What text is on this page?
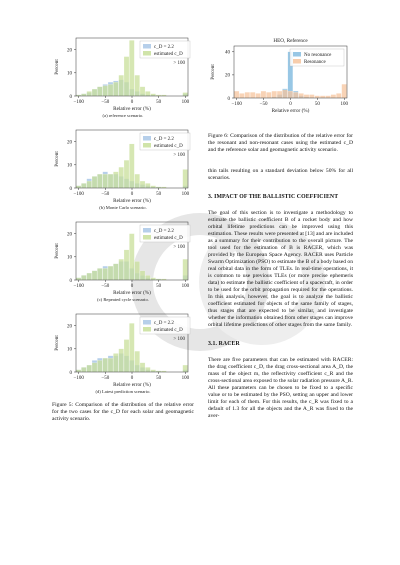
−100	−50	0	50	100
0
10
20
Relative error (%)
Percent	> 100
c_D = 2.2
estimated c_D
(a) reference scenario.
−100	−50	0	50	100
0
10
20
Relative error (%)
Percent	> 100
c_D = 2.2
estimated c_D
(b) Monte Carlo scenario.
−100	−50	0	50	100
0
10
20
Relative error (%)
Percent	> 100
c_D = 2.2
estimated c_D
(c) Repeated cycle scenario.
−100	−50	0	50	100
0
10
20
Relative error (%)
Percent	> 100
c_D = 2.2
estimated c_D
(d) Latest prediction scenario.
Figure 5: Comparison of the distribution of the relative error for the two cases for the c_D for each solar and geomagnetic activity scenario.
HEO, Reference
−100	−50	0	50	100
0
20
40
Relative error (%)
Percent
No resonance
Resonance
Figure 6: Comparison of the distribution of the relative error for the resonant and non-resonant cases using the estimated c_D and the reference solar and geomagnetic activity scenario.

thin tails resulting on a standard deviation below 50% for all scenarios.

3. IMPACT OF THE BALLISTIC COEFFICIENT

The goal of this section is to investigate a methodology to estimate the ballistic coefficient B of a rocket body and how orbital lifetime predictions can be improved using this estimation. These results were presented at [13] and are included as a summary for their contribution to the overall picture. The tool used for the estimation of B is RACER, which was provided by the European Space Agency. RACER uses Particle Swarm Optimization (PSO) to estimate the B of a body based on real orbital data in the form of TLEs. In real-time operations, it is common to use previous TLEs (or more precise ephemeris data) to estimate the ballistic coefficient of a spacecraft, in order to be used for the orbit propagation required for the operations. In this analysis, however, the goal is to analyze the ballistic coefficient estimated for objects of the same family of stages, thus stages that are expected to be similar, and investigate whether the information obtained from other stages can improve orbital lifetime predictions of other stages from the same family.

3.1. RACER

There are five parameters that can be estimated with RACER: the drag coefficient c_D, the drag cross-sectional area A_D, the mass of the object m, the reflectivity coefficient c_R and the cross-sectional area exposed to the solar radiation pressure A_R. All these parameters can be chosen to be fixed to a specific value or to be estimated by the PSO, setting an upper and lower limit for each of them. For this results, the c_R was fixed to a default of 1.3 for all the objects and the A_R was fixed to the aver-
